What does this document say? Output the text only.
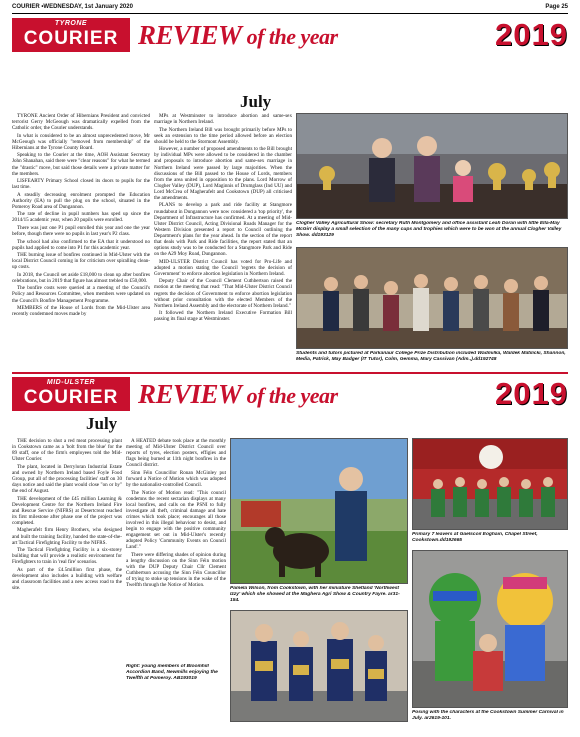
COURIER •WEDNESDAY, 1st January 2020	Page 25
TYRONE
COURIER REVIEW of the year	2019
July

TYRONE Ancient Order of Hibernians President and convicted terrorist Gerry McGeough was dramatically expelled from the Catholic order, the Courier understands.

In what is considered to be an almost unprecedented move, Mr McGeough was officially "removed from membership" of the Hibernians at the Tyrone County Board.

Speaking to the Courier at the time, AOH Assistant Secretary John Shanahan, said there were "clear reasons" for what he termed the "drastic" move, but said those details were a private matter for the members.

LISFEARTY Primary School closed its doors to pupils for the last time.

A steadily decreasing enrolment prompted the Education Authority (EA) to pull the plug on the school, situated in the Pomeroy Road area of Dungannon.

The rate of decline in pupil numbers has sped up since the 2014/15 academic year, when 20 pupils were enrolled.

There was just one P1 pupil enrolled this year and one the year before, though there were no pupils in last year's P2 class.

The school had also confirmed to the EA that it understood no pupils had applied to come into P1 for this academic year.

THE burning issue of bonfires continued in Mid-Ulster with the local District Council coming in for criticism over spiralling clean-up costs.

In 2018, the Council set aside £18,000 to clean up after bonfires celebrations, but in 2019 that figure has almost trebled to £50,000.

The bonfire costs were queried at a meeting of the Council's Policy and Resources Committee, when members were updated on the Council's Bonfire Management Programme.

MEMBERS of the House of Lords from the Mid-Ulster area recently condemned moves made by

MPs at Westminster to introduce abortion and same-sex marriage in Northern Ireland.

The Northern Ireland Bill was brought primarily before MPs to seek an extension to the time period allowed before an election should be held to the Stormont Assembly.

However, a number of proposed amendments to the Bill brought by individual MPs were allowed to be considered in the chamber and proposals to introduce abortion and same-sex marriage in Northern Ireland were passed by large majorities. When the discussions of the Bill passed to the House of Lords, members from the area united in opposition to the plans. Lord Morrow of Clogher Valley (DUP), Lord Maginnis of Drumglass (Ind UU) and Lord McCrea of Magherafelt and Cookstown (DUP) all criticised the amendments.

PLANS to develop a park and ride facility at Stangmore roundabout in Dungannon were now considered a 'top priority', the Department of Infrastructure has confirmed. At a meeting of Mid-Ulster District Council, Acting Divisional Roads Manager for the Western Division presented a report to Council outlining the Department's plans for the year ahead. In the section of the report that deals with Park and Ride facilities, the report stated that an options study was to be conducted for a Stangmore Park and Ride on the A29 Moy Road, Dungannon.

MID-ULSTER District Council has voted for Pro-Life and adopted a motion stating the Council 'regrets the decision of Government' to enforce abortion legislation in Northern Ireland.

Deputy Chair of the Council Clement Cuthbertson raised the motion at the meeting that read: "That Mid-Ulster District Council regrets the decision of Government to enforce abortion legislation without prior consultation with the elected Members of the Northern Ireland Assembly and the electorate of Northern Ireland."

It followed the Northern Ireland Executive Formation Bill passing its final stage at Westminster.

Clogher Valley Agricultural Show: secretary Ruth Montgomery and office assistant Leah Doran with little Ella-May McGirr display a small selection of the many cups and trophies which were to be won at the annual Clogher Valley Show. dd193129
Students and tutors pictured at Parkanaur College Prize Distribution included Wadmilka, Waldek Matilicki, Shannon, Media, Patrick, May Badger (IT Tutor), Colm, Gemma, Mary Cassivan (Adm.,).dd192748
MID-ULSTER
COURIER REVIEW of the year	2019
July

THE decision to shut a red meat processing plant in Cookstown came as a 'bolt from the blue' for the 89 staff, one of the firm's employees told the Mid-Ulster Courier.

The plant, located in Derryloran Industrial Estate and owned by Northern Ireland based Foyle Food Group, put all of the processing facilities' staff on 30 days notice and said the plant would close "on or by" the end of August.

THE development of the £45 million Learning & Development Centre for the Northern Ireland Fire and Rescue Service (NIFRS) at Desertcreat reached its first milestone after phase one of the project was completed.

Magherafelt firm Henry Brothers, who designed and built the training facility, handed the state-of-the-art Tactical Firefighting Facility to the NIFRS.

The Tactical Firefighting Facility is a six-storey building that will provide a realistic environment for Firefighters to train in 'real fire' scenarios.

As part of the £4.5million first phase, the development also includes a building with welfare and classroom facilities and a new access road to the site.

A HEATED debate took place at the monthly meeting of Mid-Ulster District Council over reports of tyres, election posters, effigies and flags being burned at 11th night bonfires in the Council district.

Sinn Féin Councillor Ronan McGinley put forward a Notice of Motion which was adopted by the nationalist-controlled Council.

The Notice of Motion read: "This council condemns the recent sectarian displays at many local bonfires, and calls on the PSNI to fully investigate all theft, criminal damage and hate crimes which took place; encourages all those involved in this illegal behaviour to desist, and begin to engage with the positive community engagement set out in Mid-Ulster's recently adopted Policy 'Community Events on Council Land'."

There were differing shades of opinion during a lengthy discussion on the Sinn Féin motion with the DUP Deputy Chair Cllr Clement Cuthbertson accusing the Sinn Féin Councillor of trying to stoke up tensions in the wake of the Twelfth through the Notice of Motion.

Pamela Wilson, from Cookstown, with her miniature Shetland 'Northwest Izzy' which she showed at the Maghera Agri Show & Country Fayre. ar31-154.
Primary 7 leavers at Gaelscoil Eoghain, Chapel Street, Cookstown.dd192665
Right: young members of Bloomhill Accordion Band, Newmills enjoying the Twelfth at Pomeroy. AB193019
Posing with the characters at the Cookstown Summer Carnival in July. ar2619-101.
